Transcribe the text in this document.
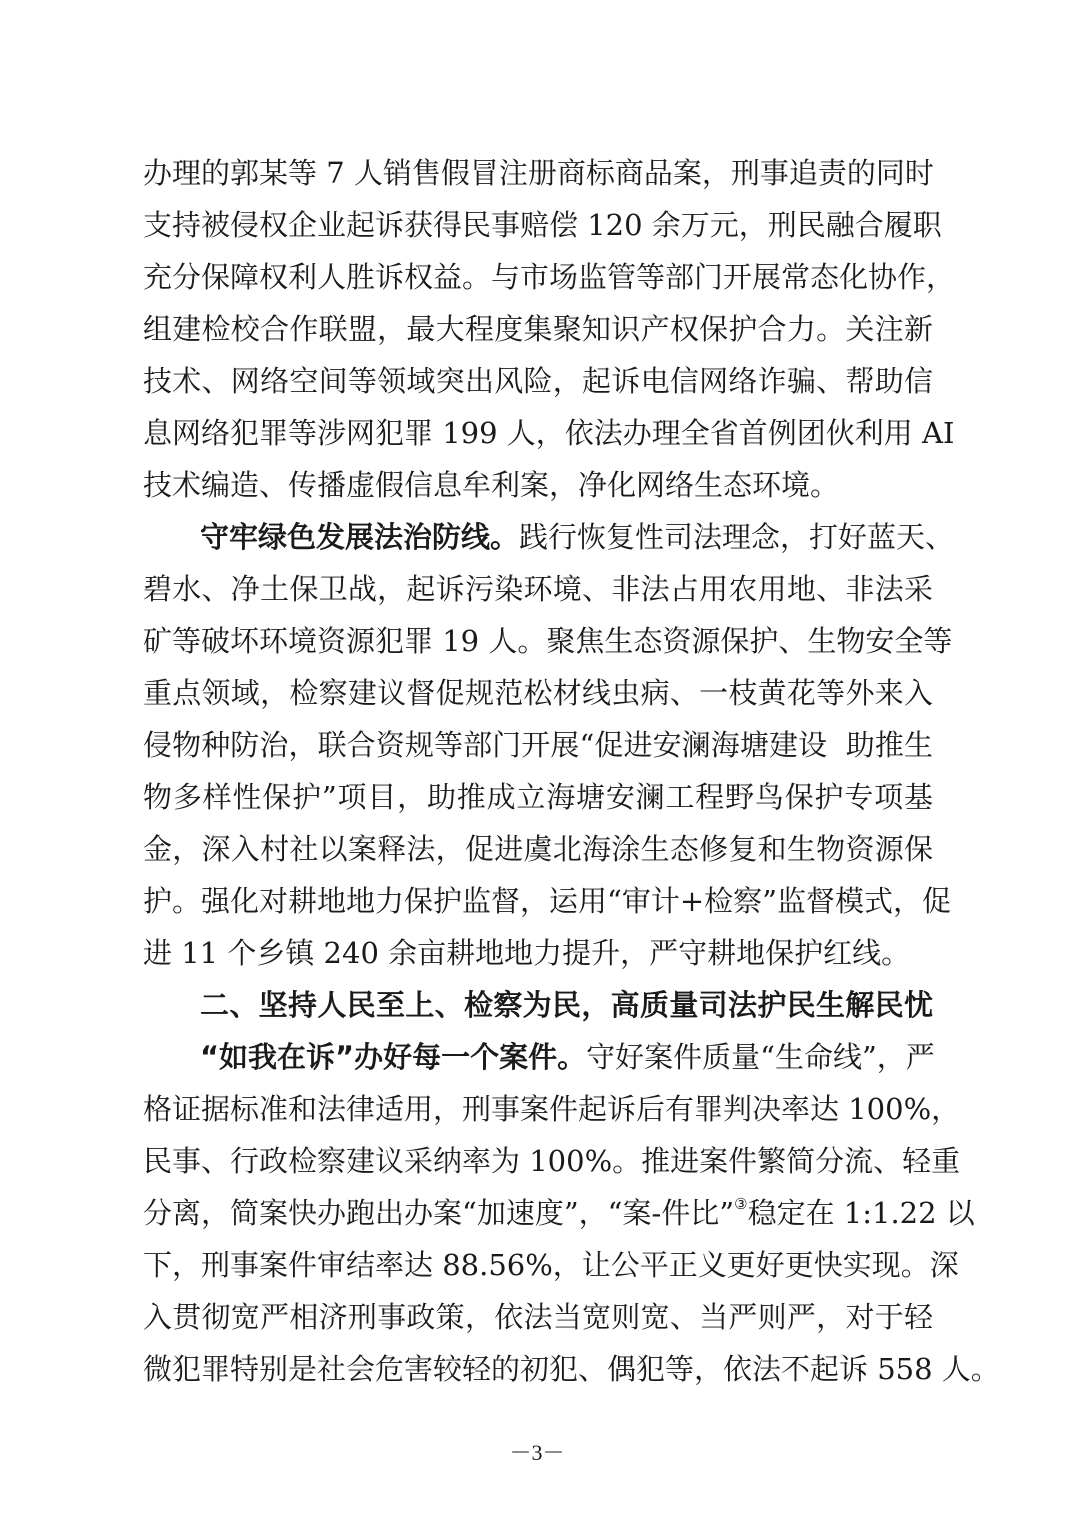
办理的郭某等 7 人销售假冒注册商标商品案，刑事追责的同时
支持被侵权企业起诉获得民事赔偿 120 余万元，刑民融合履职
充分保障权利人胜诉权益。与市场监管等部门开展常态化协作，
组建检校合作联盟，最大程度集聚知识产权保护合力。关注新
技术、网络空间等领域突出风险，起诉电信网络诈骗、帮助信
息网络犯罪等涉网犯罪 199 人，依法办理全省首例团伙利用 AI
技术编造、传播虚假信息牟利案，净化网络生态环境。
守牢绿色发展法治防线。践行恢复性司法理念，打好蓝天、
碧水、净土保卫战，起诉污染环境、非法占用农用地、非法采
矿等破坏环境资源犯罪 19 人。聚焦生态资源保护、生物安全等
重点领域，检察建议督促规范松材线虫病、一枝黄花等外来入
侵物种防治，联合资规等部门开展“促进安澜海塘建设  助推生
物多样性保护”项目，助推成立海塘安澜工程野鸟保护专项基
金，深入村社以案释法，促进虞北海涂生态修复和生物资源保
护。强化对耕地地力保护监督，运用“审计+检察”监督模式，促
进 11 个乡镇 240 余亩耕地地力提升，严守耕地保护红线。
二、坚持人民至上、检察为民，高质量司法护民生解民忧
“如我在诉”办好每一个案件。守好案件质量“生命线”，严
格证据标准和法律适用，刑事案件起诉后有罪判决率达 100%，
民事、行政检察建议采纳率为 100%。推进案件繁简分流、轻重
分离，简案快办跑出办案“加速度”，“案-件比”③稳定在 1:1.22 以
下，刑事案件审结率达 88.56%，让公平正义更好更快实现。深
入贯彻宽严相济刑事政策，依法当宽则宽、当严则严，对于轻
微犯罪特别是社会危害较轻的初犯、偶犯等，依法不起诉 558 人。
－3－
